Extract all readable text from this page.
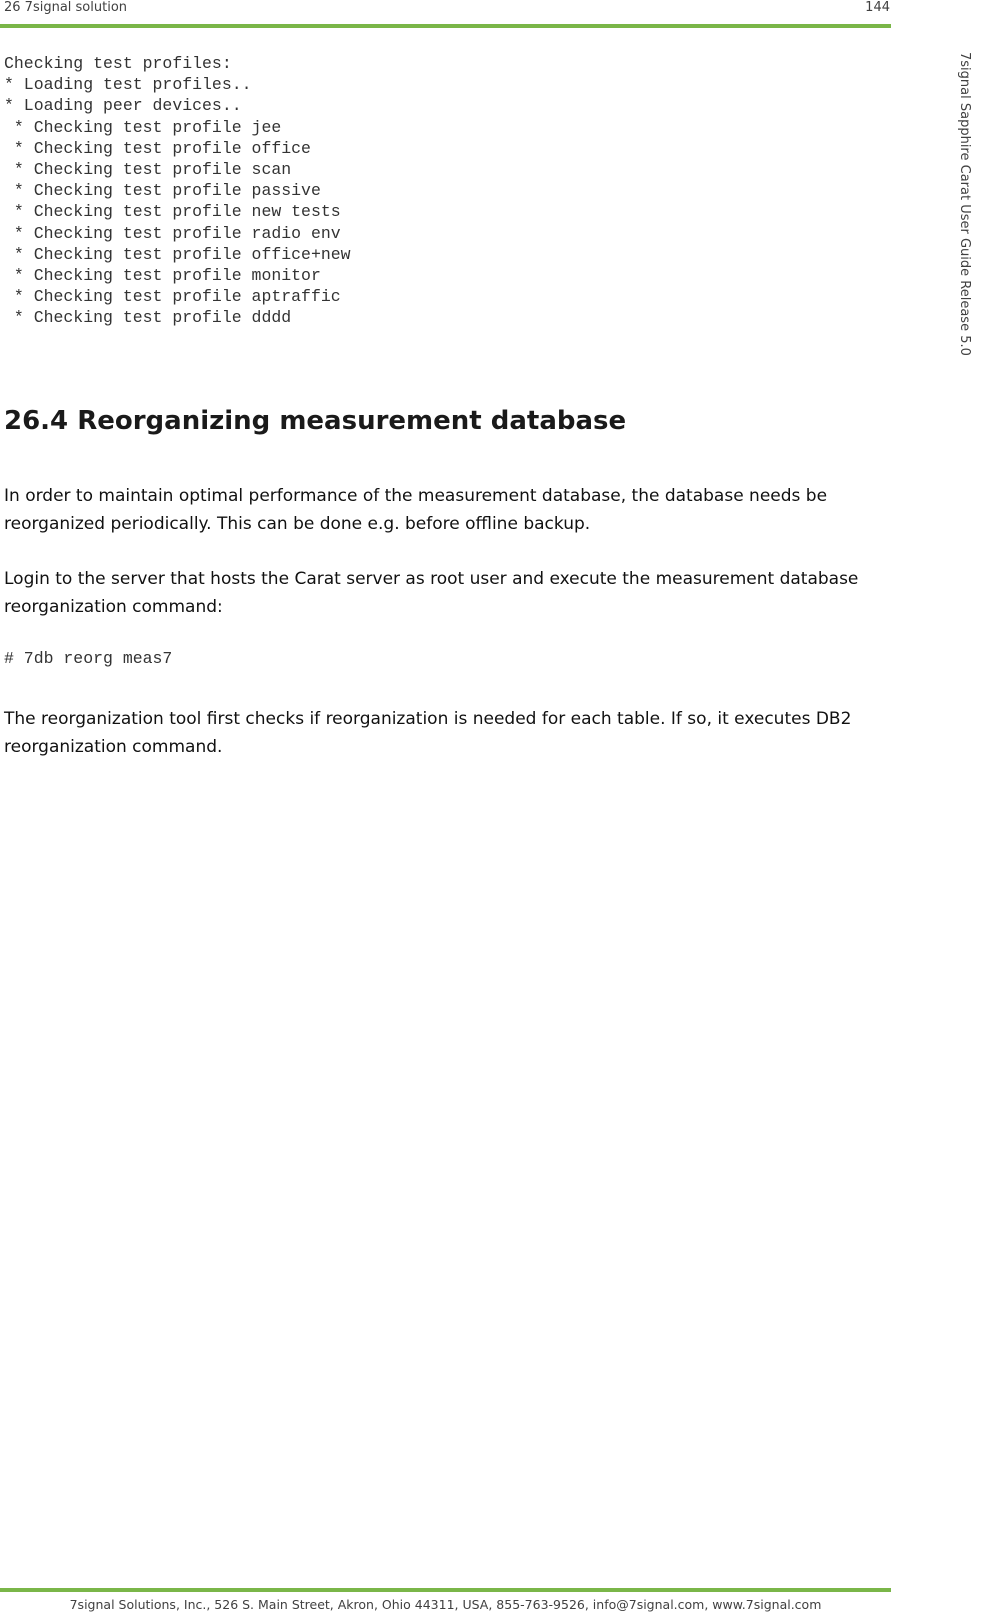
26 7signal solution	144
7signal Sapphire Carat User Guide Release 5.0
Checking test profiles:
* Loading test profiles..
* Loading peer devices..
* Checking test profile jee
* Checking test profile office
* Checking test profile scan
* Checking test profile passive
* Checking test profile new tests
* Checking test profile radio env
* Checking test profile office+new
* Checking test profile monitor
* Checking test profile aptraffic
* Checking test profile dddd
26.4 Reorganizing measurement database

In order to maintain optimal performance of the measurement database, the database needs be reorganized periodically. This can be done e.g. before offline backup.

Login to the server that hosts the Carat server as root user and execute the measurement database reorganization command:

# 7db reorg meas7

The reorganization tool first checks if reorganization is needed for each table. If so, it executes DB2 reorganization command.

7signal Solutions, Inc., 526 S. Main Street, Akron, Ohio 44311, USA, 855-763-9526, info@7signal.com, www.7signal.com
